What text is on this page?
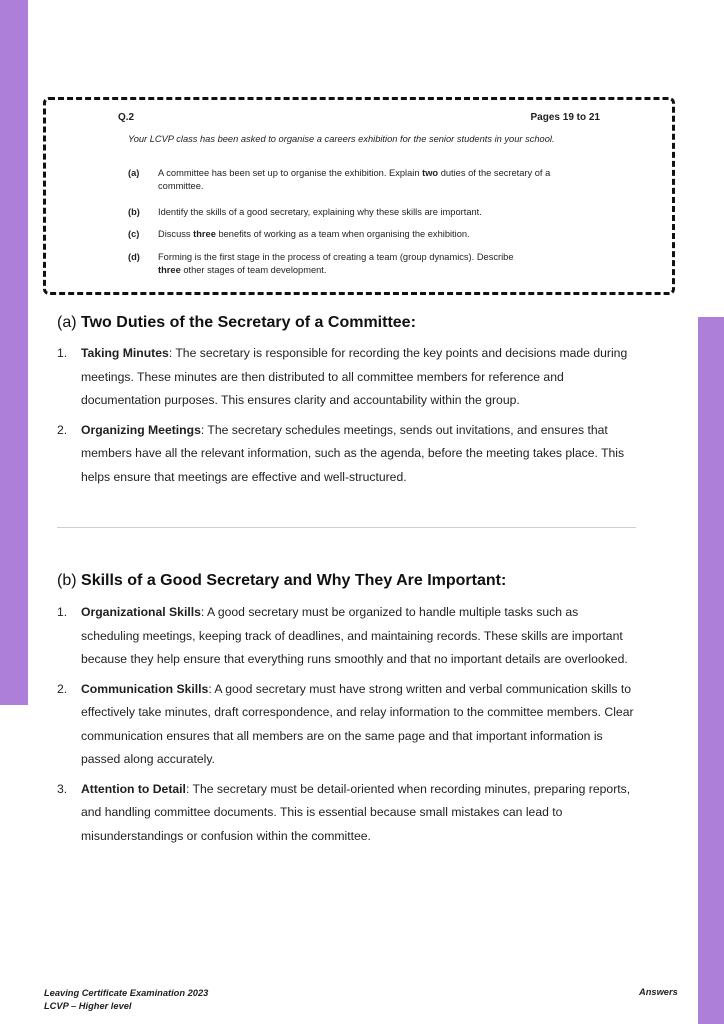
Q.2	Pages 19 to 21
Your LCVP class has been asked to organise a careers exhibition for the senior students in your school.
(a)	A committee has been set up to organise the exhibition. Explain two duties of the secretary of a committee.
(b)	Identify the skills of a good secretary, explaining why these skills are important.
(c)	Discuss three benefits of working as a team when organising the exhibition.
(d)	Forming is the first stage in the process of creating a team (group dynamics). Describe three other stages of team development.
(a) Two Duties of the Secretary of a Committee:
1.	Taking Minutes: The secretary is responsible for recording the key points and decisions made during meetings. These minutes are then distributed to all committee members for reference and documentation purposes. This ensures clarity and accountability within the group.
2.	Organizing Meetings: The secretary schedules meetings, sends out invitations, and ensures that members have all the relevant information, such as the agenda, before the meeting takes place. This helps ensure that meetings are effective and well-structured.
(b) Skills of a Good Secretary and Why They Are Important:
1.	Organizational Skills: A good secretary must be organized to handle multiple tasks such as scheduling meetings, keeping track of deadlines, and maintaining records. These skills are important because they help ensure that everything runs smoothly and that no important details are overlooked.
2.	Communication Skills: A good secretary must have strong written and verbal communication skills to effectively take minutes, draft correspondence, and relay information to the committee members. Clear communication ensures that all members are on the same page and that important information is passed along accurately.
3.	Attention to Detail: The secretary must be detail-oriented when recording minutes, preparing reports, and handling committee documents. This is essential because small mistakes can lead to misunderstandings or confusion within the committee.
Leaving Certificate Examination 2023
LCVP – Higher level
Answers
